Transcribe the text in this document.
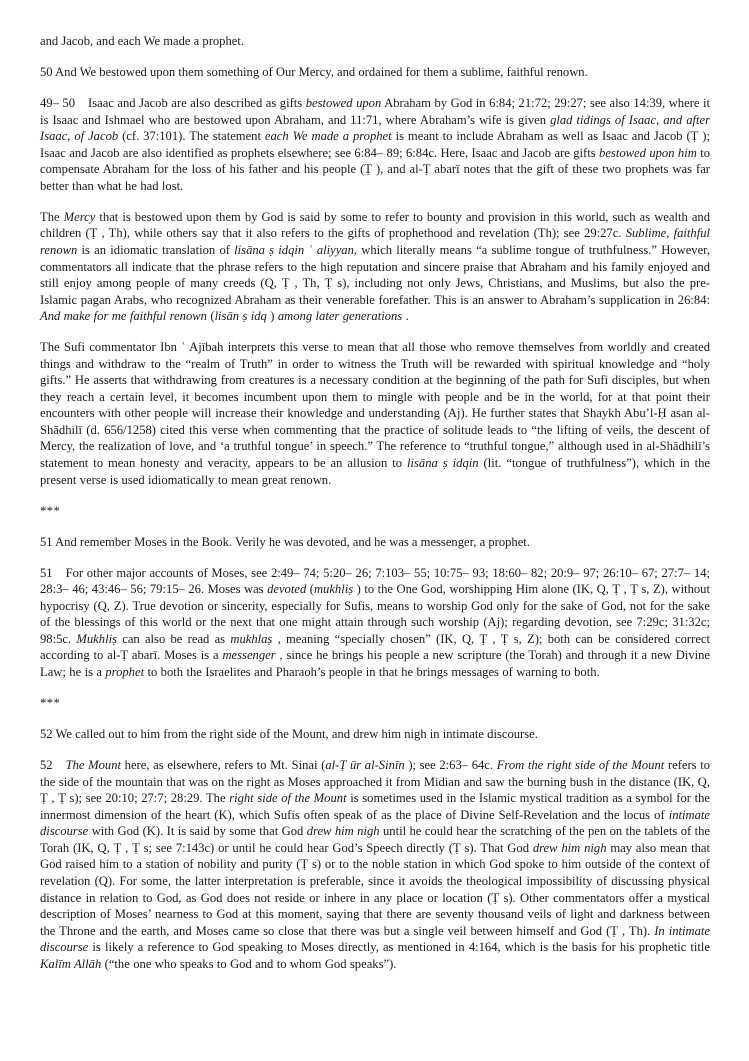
and Jacob, and each We made a prophet.

50 And We bestowed upon them something of Our Mercy, and ordained for them a sublime, faithful renown.

49– 50 Isaac and Jacob are also described as gifts bestowed upon Abraham by God in 6:84; 21:72; 29:27; see also 14:39, where it is Isaac and Ishmael who are bestowed upon Abraham, and 11:71, where Abraham’s wife is given glad tidings of Isaac, and after Isaac, of Jacob (cf. 37:101). The statement each We made a prophet is meant to include Abraham as well as Isaac and Jacob (Ṭ ); Isaac and Jacob are also identified as prophets elsewhere; see 6:84– 89; 6:84c. Here, Isaac and Jacob are gifts bestowed upon him to compensate Abraham for the loss of his father and his people (Ṭ ), and al-Ṭ abarī notes that the gift of these two prophets was far better than what he had lost.

The Mercy that is bestowed upon them by God is said by some to refer to bounty and provision in this world, such as wealth and children (Ṭ , Th), while others say that it also refers to the gifts of prophethood and revelation (Th); see 29:27c. Sublime, faithful renown is an idiomatic translation of lisāna ṣ idqin ʿ aliyyan, which literally means “a sublime tongue of truthfulness.” However, commentators all indicate that the phrase refers to the high reputation and sincere praise that Abraham and his family enjoyed and still enjoy among people of many creeds (Q, Ṭ , Th, Ṭ s), including not only Jews, Christians, and Muslims, but also the pre-Islamic pagan Arabs, who recognized Abraham as their venerable forefather. This is an answer to Abraham’s supplication in 26:84: And make for me faithful renown (lisān ṣ idq ) among later generations .

The Sufi commentator Ibn ʿ Ajībah interprets this verse to mean that all those who remove themselves from worldly and created things and withdraw to the “realm of Truth” in order to witness the Truth will be rewarded with spiritual knowledge and “holy gifts.” He asserts that withdrawing from creatures is a necessary condition at the beginning of the path for Sufi disciples, but when they reach a certain level, it becomes incumbent upon them to mingle with people and be in the world, for at that point their encounters with other people will increase their knowledge and understanding (Aj). He further states that Shaykh Abu’l-Ḥ asan al-Shādhilī (d. 656/1258) cited this verse when commenting that the practice of solitude leads to “the lifting of veils, the descent of Mercy, the realization of love, and ‘a truthful tongue’ in speech.” The reference to “truthful tongue,” although used in al-Shādhilī’s statement to mean honesty and veracity, appears to be an allusion to lisāna ṣ idqin (lit. “tongue of truthfulness”), which in the present verse is used idiomatically to mean great renown.

***

51 And remember Moses in the Book. Verily he was devoted, and he was a messenger, a prophet.

51 For other major accounts of Moses, see 2:49– 74; 5:20– 26; 7:103– 55; 10:75– 93; 18:60– 82; 20:9– 97; 26:10– 67; 27:7– 14; 28:3– 46; 43:46– 56; 79:15– 26. Moses was devoted (mukhliṣ ) to the One God, worshipping Him alone (IK, Q, Ṭ , Ṭ s, Z), without hypocrisy (Q, Z). True devotion or sincerity, especially for Sufis, means to worship God only for the sake of God, not for the sake of the blessings of this world or the next that one might attain through such worship (Aj); regarding devotion, see 7:29c; 31:32c; 98:5c. Mukhliṣ can also be read as mukhlaṣ , meaning “specially chosen” (IK, Q, Ṭ , Ṭ s, Z); both can be considered correct according to al-Ṭ abarī. Moses is a messenger , since he brings his people a new scripture (the Torah) and through it a new Divine Law; he is a prophet to both the Israelites and Pharaoh’s people in that he brings messages of warning to both.

***

52 We called out to him from the right side of the Mount, and drew him nigh in intimate discourse.

52 The Mount here, as elsewhere, refers to Mt. Sinai (al-Ṭ ūr al-Sinīn ); see 2:63– 64c. From the right side of the Mount refers to the side of the mountain that was on the right as Moses approached it from Midian and saw the burning bush in the distance (IK, Q, Ṭ , Ṭ s); see 20:10; 27:7; 28:29. The right side of the Mount is sometimes used in the Islamic mystical tradition as a symbol for the innermost dimension of the heart (K), which Sufis often speak of as the place of Divine Self-Revelation and the locus of intimate discourse with God (K). It is said by some that God drew him nigh until he could hear the scratching of the pen on the tablets of the Torah (IK, Q, Ṭ , Ṭ s; see 7:143c) or until he could hear God’s Speech directly (Ṭ s). That God drew him nigh may also mean that God raised him to a station of nobility and purity (Ṭ s) or to the noble station in which God spoke to him outside of the context of revelation (Q). For some, the latter interpretation is preferable, since it avoids the theological impossibility of discussing physical distance in relation to God, as God does not reside or inhere in any place or location (Ṭ s). Other commentators offer a mystical description of Moses’ nearness to God at this moment, saying that there are seventy thousand veils of light and darkness between the Throne and the earth, and Moses came so close that there was but a single veil between himself and God (Ṭ , Th). In intimate discourse is likely a reference to God speaking to Moses directly, as mentioned in 4:164, which is the basis for his prophetic title Kalīm Allāh (“the one who speaks to God and to whom God speaks”).
